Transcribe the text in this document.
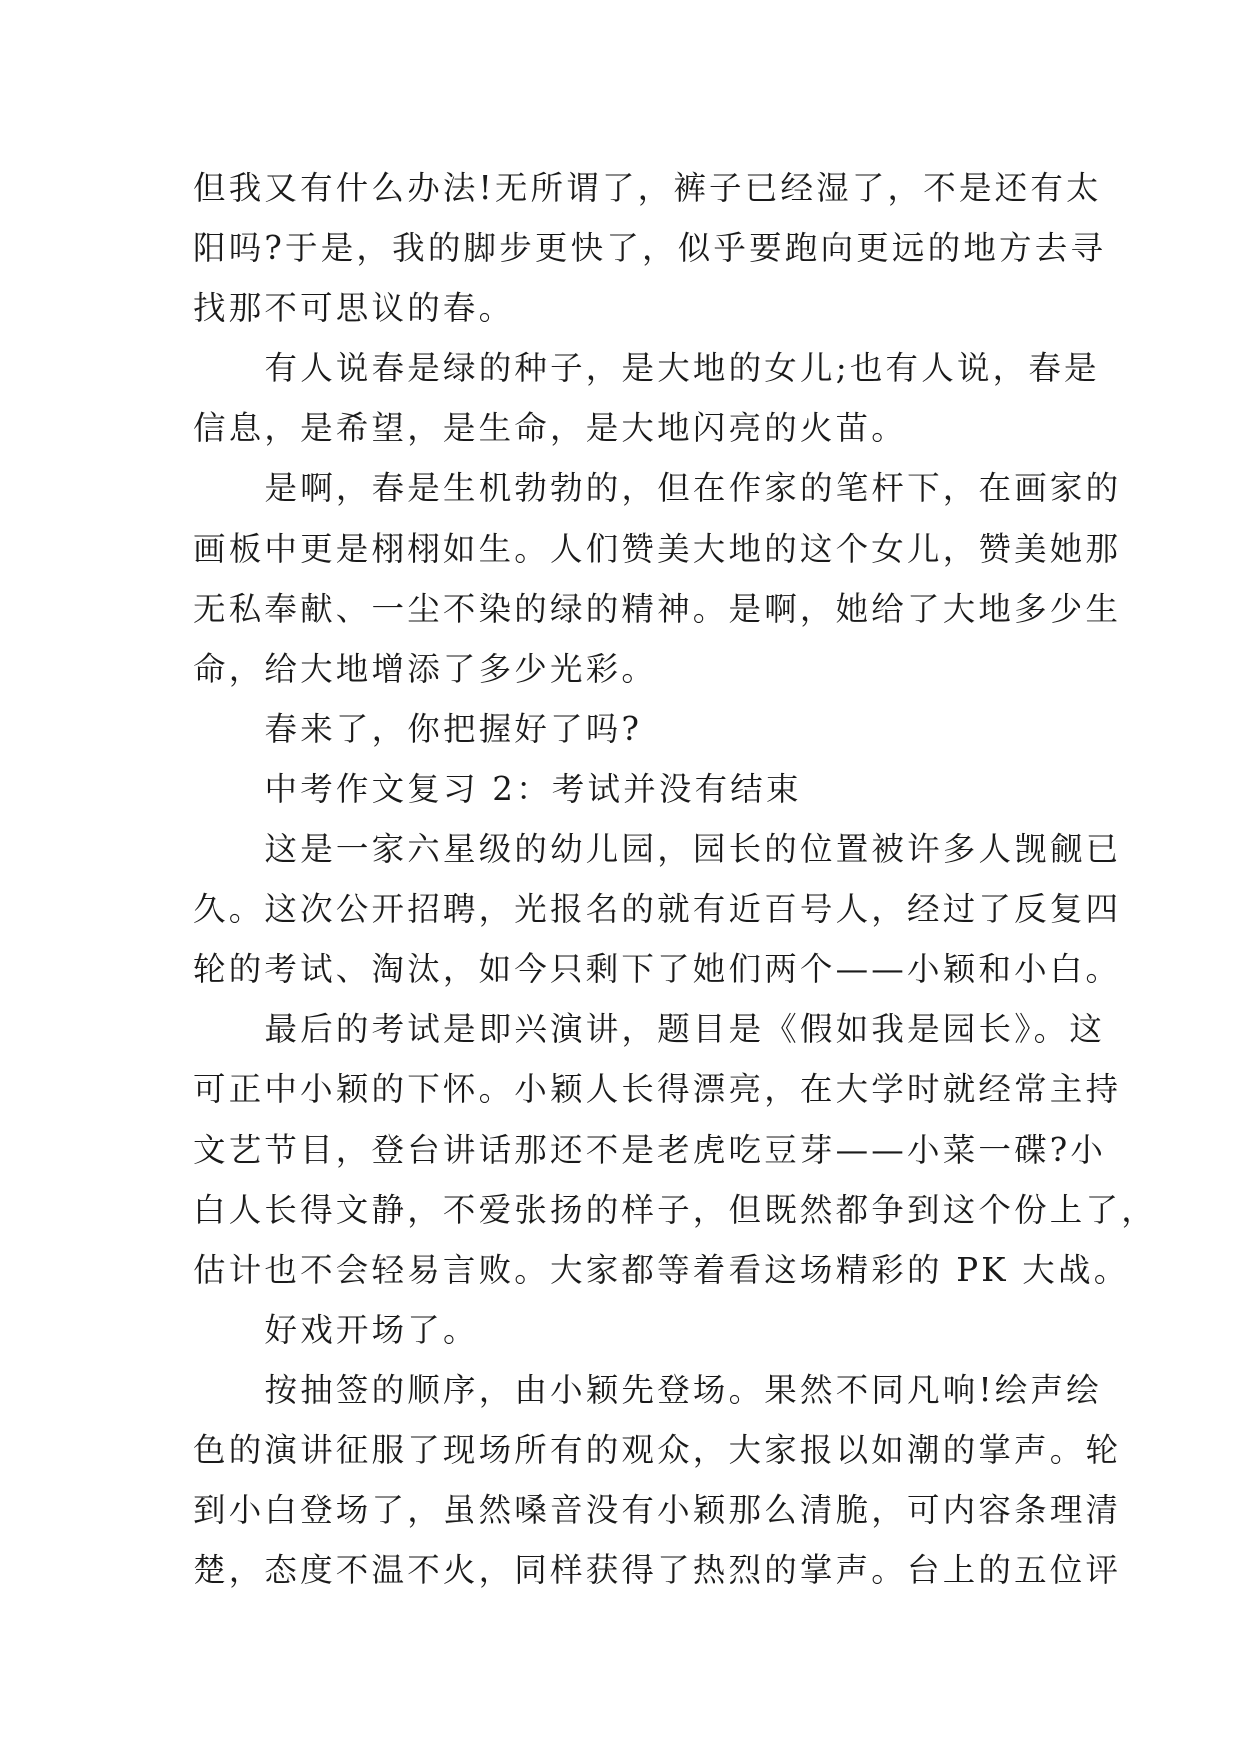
但我又有什么办法!无所谓了，裤子已经湿了，不是还有太
阳吗?于是，我的脚步更快了，似乎要跑向更远的地方去寻
找那不可思议的春。
有人说春是绿的种子，是大地的女儿;也有人说，春是
信息，是希望，是生命，是大地闪亮的火苗。
是啊，春是生机勃勃的，但在作家的笔杆下，在画家的
画板中更是栩栩如生。人们赞美大地的这个女儿，赞美她那
无私奉献、一尘不染的绿的精神。是啊，她给了大地多少生
命，给大地增添了多少光彩。
春来了，你把握好了吗?
中考作文复习 2：考试并没有结束
这是一家六星级的幼儿园，园长的位置被许多人觊觎已
久。这次公开招聘，光报名的就有近百号人，经过了反复四
轮的考试、淘汰，如今只剩下了她们两个——小颖和小白。
最后的考试是即兴演讲，题目是《假如我是园长》。这
可正中小颖的下怀。小颖人长得漂亮，在大学时就经常主持
文艺节目，登台讲话那还不是老虎吃豆芽——小菜一碟?小
白人长得文静，不爱张扬的样子，但既然都争到这个份上了，
估计也不会轻易言败。大家都等着看这场精彩的 PK 大战。
好戏开场了。
按抽签的顺序，由小颖先登场。果然不同凡响!绘声绘
色的演讲征服了现场所有的观众，大家报以如潮的掌声。轮
到小白登场了，虽然嗓音没有小颖那么清脆，可内容条理清
楚，态度不温不火，同样获得了热烈的掌声。台上的五位评
